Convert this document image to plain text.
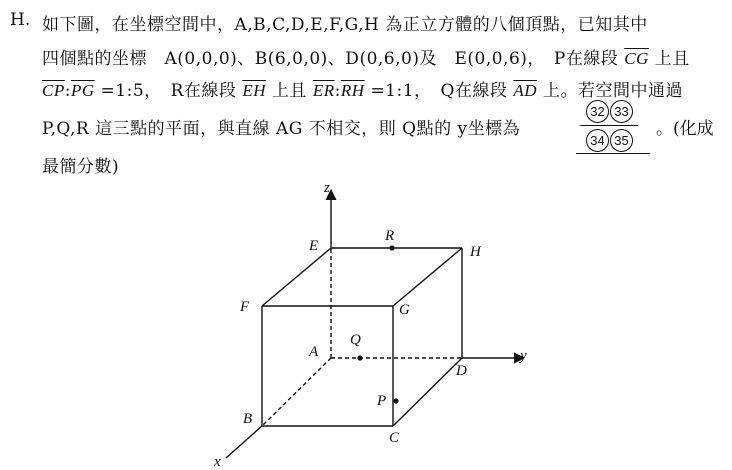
H. 如下圖，在坐標空間中，A,B,C,D,E,F,G,H 為正立方體的八個頂點，已知其中
四個點的坐標　A(0,0,0)、B(6,0,0)、D(0,6,0)及　E(0,0,6)，　P在線段 $\overline{CG}$ 上且
$\overline{CP}:\overline{PG}$ =1:5，　R在線段 $\overline{EH}$ 上且 $\overline{ER}:\overline{RH}$ =1:1，　Q在線段 $\overline{AD}$ 上。若空間中通過
P,Q,R 這三點的平面，與直線 AG 不相交，則 Q點的 y坐標為
32 33
34 35
。(化成
最簡分數)
z
y
x
E
R
H
F	G
Q
A
D
P
B
C
